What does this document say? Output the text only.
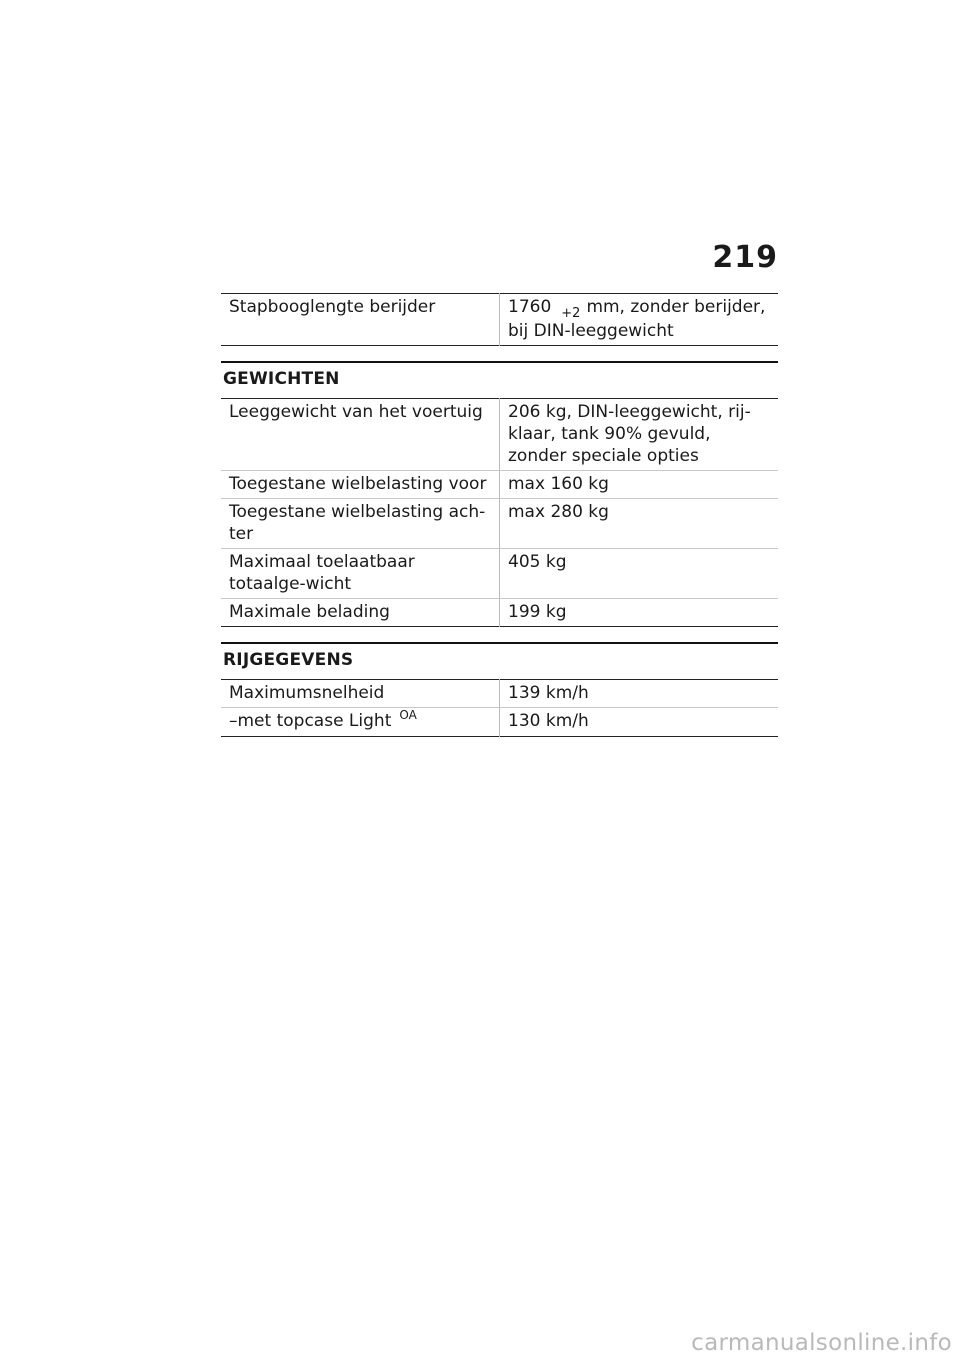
219
Stapbooglengte berijder	1760 $_{+2}$ mm, zonder berijder, bij DIN-leeggewicht
GEWICHTEN
Leeggewicht van het voertuig	206 kg, DIN-leeggewicht, rij-klaar, tank 90% gevuld, zonder speciale opties
Toegestane wielbelasting voor	max 160 kg
Toegestane wielbelasting ach-ter	max 280 kg
Maximaal toelaatbaar totaalge-wicht	405 kg
Maximale belading	199 kg
RIJGEGEVENS
Maximumsnelheid	139 km/h
–met topcase Light $^{OA}$	130 km/h
carmanualsonline.info
